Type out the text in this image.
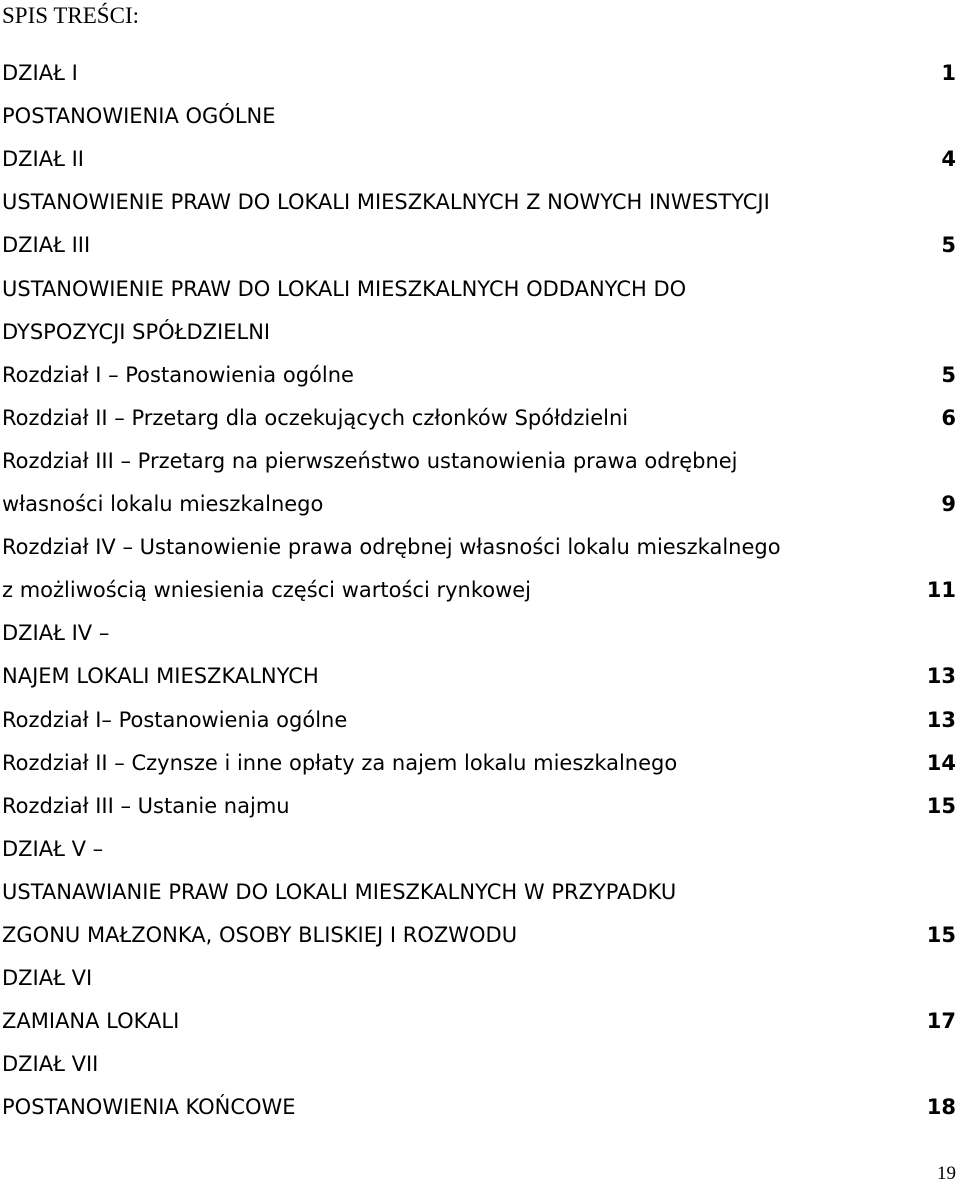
SPIS TREŚCI:
DZIAŁ I	1
POSTANOWIENIA OGÓLNE
DZIAŁ II	4
USTANOWIENIE PRAW DO LOKALI MIESZKALNYCH Z NOWYCH INWESTYCJI
DZIAŁ III	5
USTANOWIENIE PRAW DO LOKALI MIESZKALNYCH ODDANYCH DO
DYSPOZYCJI SPÓŁDZIELNI
Rozdział I – Postanowienia ogólne	5
Rozdział II – Przetarg dla oczekujących członków Spółdzielni	6
Rozdział III – Przetarg na pierwszeństwo ustanowienia prawa odrębnej
własności lokalu mieszkalnego	9
Rozdział IV – Ustanowienie prawa odrębnej własności lokalu mieszkalnego
z możliwością wniesienia części wartości rynkowej	11
DZIAŁ IV –
NAJEM LOKALI MIESZKALNYCH	13
Rozdział I– Postanowienia ogólne	13
Rozdział II – Czynsze i inne opłaty za najem lokalu mieszkalnego	14
Rozdział III – Ustanie najmu	15
DZIAŁ V –
USTANAWIANIE PRAW DO LOKALI MIESZKALNYCH W PRZYPADKU
ZGONU MAŁZONKA, OSOBY BLISKIEJ I ROZWODU	15
DZIAŁ VI
ZAMIANA LOKALI	17
DZIAŁ VII
POSTANOWIENIA KOŃCOWE	18
19
